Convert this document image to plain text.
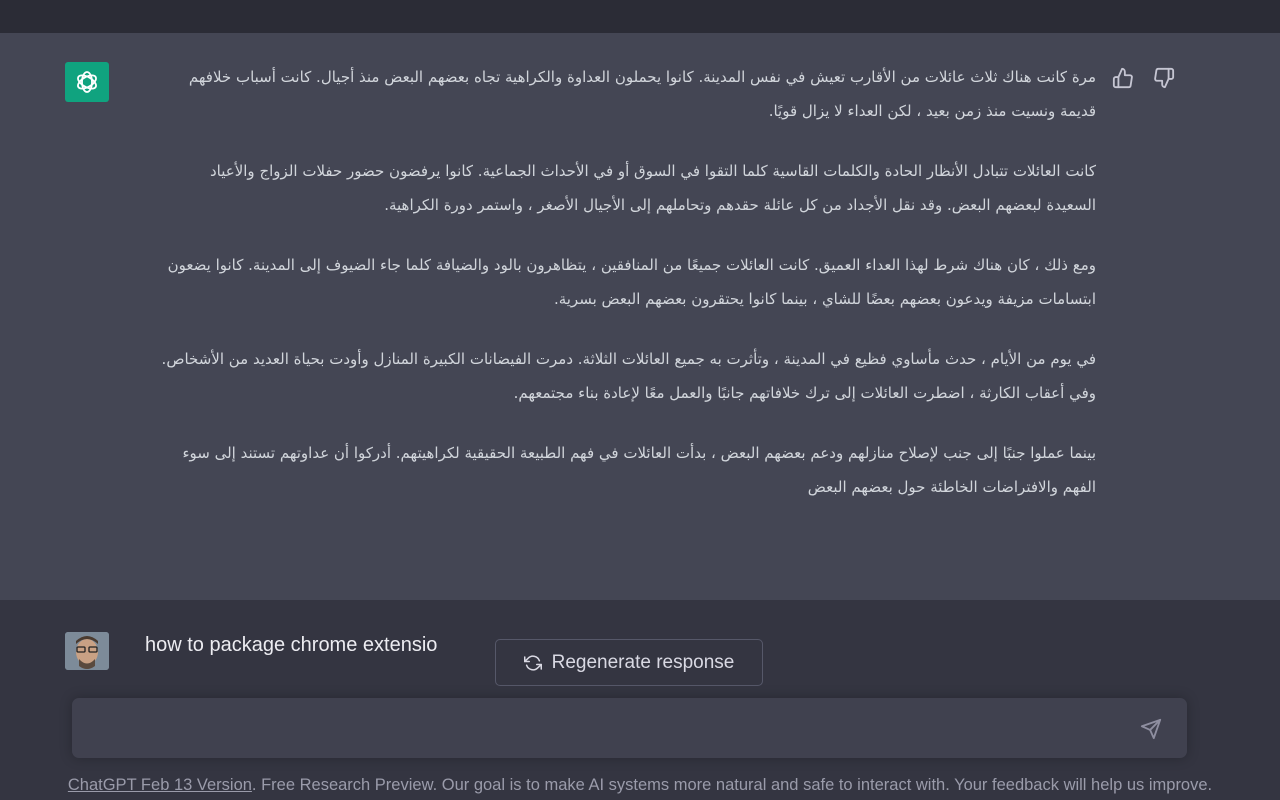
مرة كانت هناك ثلاث عائلات من الأقارب تعيش في نفس المدينة. كانوا يحملون العداوة والكراهية تجاه بعضهم البعض منذ أجيال. كانت أسباب خلافهم قديمة ونسيت منذ زمن بعيد ، لكن العداء لا يزال قويًا.

كانت العائلات تتبادل الأنظار الحادة والكلمات القاسية كلما التقوا في السوق أو في الأحداث الجماعية. كانوا يرفضون حضور حفلات الزواج والأعياد السعيدة لبعضهم البعض. وقد نقل الأجداد من كل عائلة حقدهم وتحاملهم إلى الأجيال الأصغر ، واستمر دورة الكراهية.

ومع ذلك ، كان هناك شرط لهذا العداء العميق. كانت العائلات جميعًا من المنافقين ، يتظاهرون بالود والضيافة كلما جاء الضيوف إلى المدينة. كانوا يضعون ابتسامات مزيفة ويدعون بعضهم بعضًا للشاي ، بينما كانوا يحتقرون بعضهم البعض بسرية.

في يوم من الأيام ، حدث مأساوي فظيع في المدينة ، وتأثرت به جميع العائلات الثلاثة. دمرت الفيضانات الكبيرة المنازل وأودت بحياة العديد من الأشخاص. وفي أعقاب الكارثة ، اضطرت العائلات إلى ترك خلافاتهم جانبًا والعمل معًا لإعادة بناء مجتمعهم.

بينما عملوا جنبًا إلى جنب لإصلاح منازلهم ودعم بعضهم البعض ، بدأت العائلات في فهم الطبيعة الحقيقية لكراهيتهم. أدركوا أن عداوتهم تستند إلى سوء الفهم والافتراضات الخاطئة حول بعضهم البعض

how to package chrome extensio
Regenerate response
ChatGPT Feb 13 Version. Free Research Preview. Our goal is to make AI systems more natural and safe to interact with. Your feedback will help us improve.
